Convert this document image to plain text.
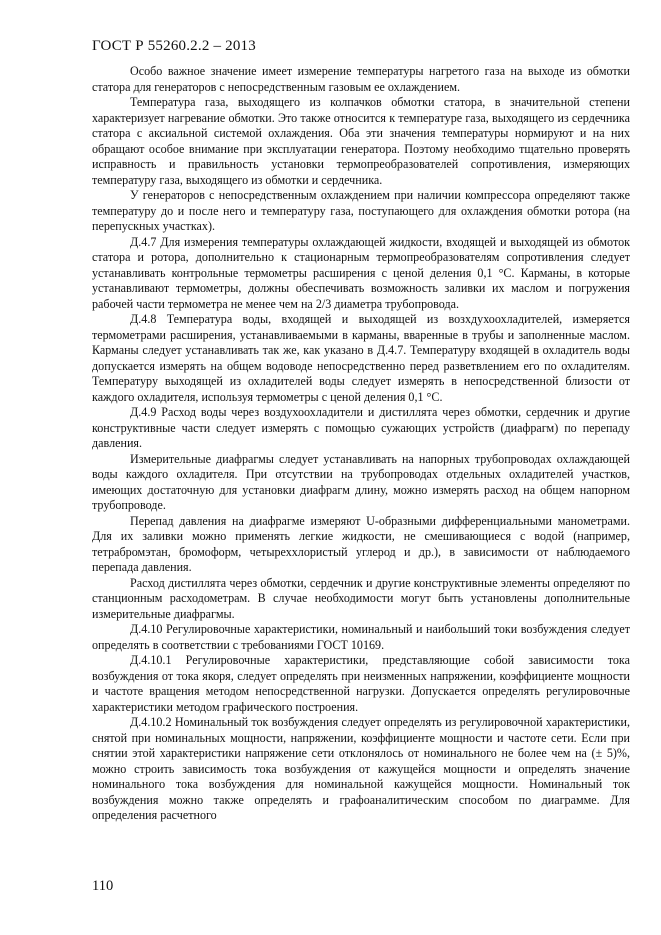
ГОСТ Р 55260.2.2 – 2013

Особо важное значение имеет измерение температуры нагретого газа на выходе из обмотки статора для генераторов с непосредственным газовым ее охлаждением.

Температура газа, выходящего из колпачков обмотки статора, в значительной степени характеризует нагревание обмотки. Это также относится к температуре газа, выходящего из сердечника статора с аксиальной системой охлаждения. Оба эти значения температуры нормируют и на них обращают особое внимание при эксплуатации генератора. Поэтому необходимо тщательно проверять исправность и правильность установки термопреобразователей сопротивления, измеряющих температуру газа, выходящего из обмотки и сердечника.

У генераторов с непосредственным охлаждением при наличии компрессора определяют также температуру до и после него и температуру газа, поступающего для охлаждения обмотки ротора (на перепускных участках).

Д.4.7 Для измерения температуры охлаждающей жидкости, входящей и выходящей из обмоток статора и ротора, дополнительно к стационарным термопреобразователям сопротивления следует устанавливать контрольные термометры расширения с ценой деления 0,1 °С. Карманы, в которые устанавливают термометры, должны обеспечивать возможность заливки их маслом и погружения рабочей части термометра не менее чем на 2/3 диаметра трубопровода.

Д.4.8 Температура воды, входящей и выходящей из возхдухоохладителей, измеряется термометрами расширения, устанавливаемыми в карманы, вваренные в трубы и заполненные маслом. Карманы следует устанавливать так же, как указано в Д.4.7. Температуру входящей в охладитель воды допускается измерять на общем водоводе непосредственно перед разветвлением его по охладителям. Температуру выходящей из охладителей воды следует измерять в непосредственной близости от каждого охладителя, используя термометры с ценой деления 0,1 °С.

Д.4.9 Расход воды через воздухоохладители и дистиллята через обмотки, сердечник и другие конструктивные части следует измерять с помощью сужающих устройств (диафрагм) по перепаду давления.

Измерительные диафрагмы следует устанавливать на напорных трубопроводах охлаждающей воды каждого охладителя. При отсутствии на трубопроводах отдельных охладителей участков, имеющих достаточную для установки диафрагм длину, можно измерять расход на общем напорном трубопроводе.

Перепад давления на диафрагме измеряют U-образными дифференциальными манометрами. Для их заливки можно применять легкие жидкости, не смешивающиеся с водой (например, тетрабромэтан, бромоформ, четыреххлористый углерод и др.), в зависимости от наблюдаемого перепада давления.

Расход дистиллята через обмотки, сердечник и другие конструктивные элементы определяют по станционным расходометрам. В случае необходимости могут быть установлены дополнительные измерительные диафрагмы.

Д.4.10 Регулировочные характеристики, номинальный и наибольший токи возбуждения следует определять в соответствии с требованиями ГОСТ 10169.

Д.4.10.1 Регулировочные характеристики, представляющие собой зависимости тока возбуждения от тока якоря, следует определять при неизменных напряжении, коэффициенте мощности и частоте вращения методом непосредственной нагрузки. Допускается определять регулировочные характеристики методом графического построения.

Д.4.10.2 Номинальный ток возбуждения следует определять из регулировочной характеристики, снятой при номинальных мощности, напряжении, коэффициенте мощности и частоте сети. Если при снятии этой характеристики напряжение сети отклонялось от номинального не более чем на (± 5)%, можно строить зависимость тока возбуждения от кажущейся мощности и определять значение номинального тока возбуждения для номинальной кажущейся мощности. Номинальный ток возбуждения можно также определять и графоаналитическим способом по диаграмме. Для определения расчетного

110
